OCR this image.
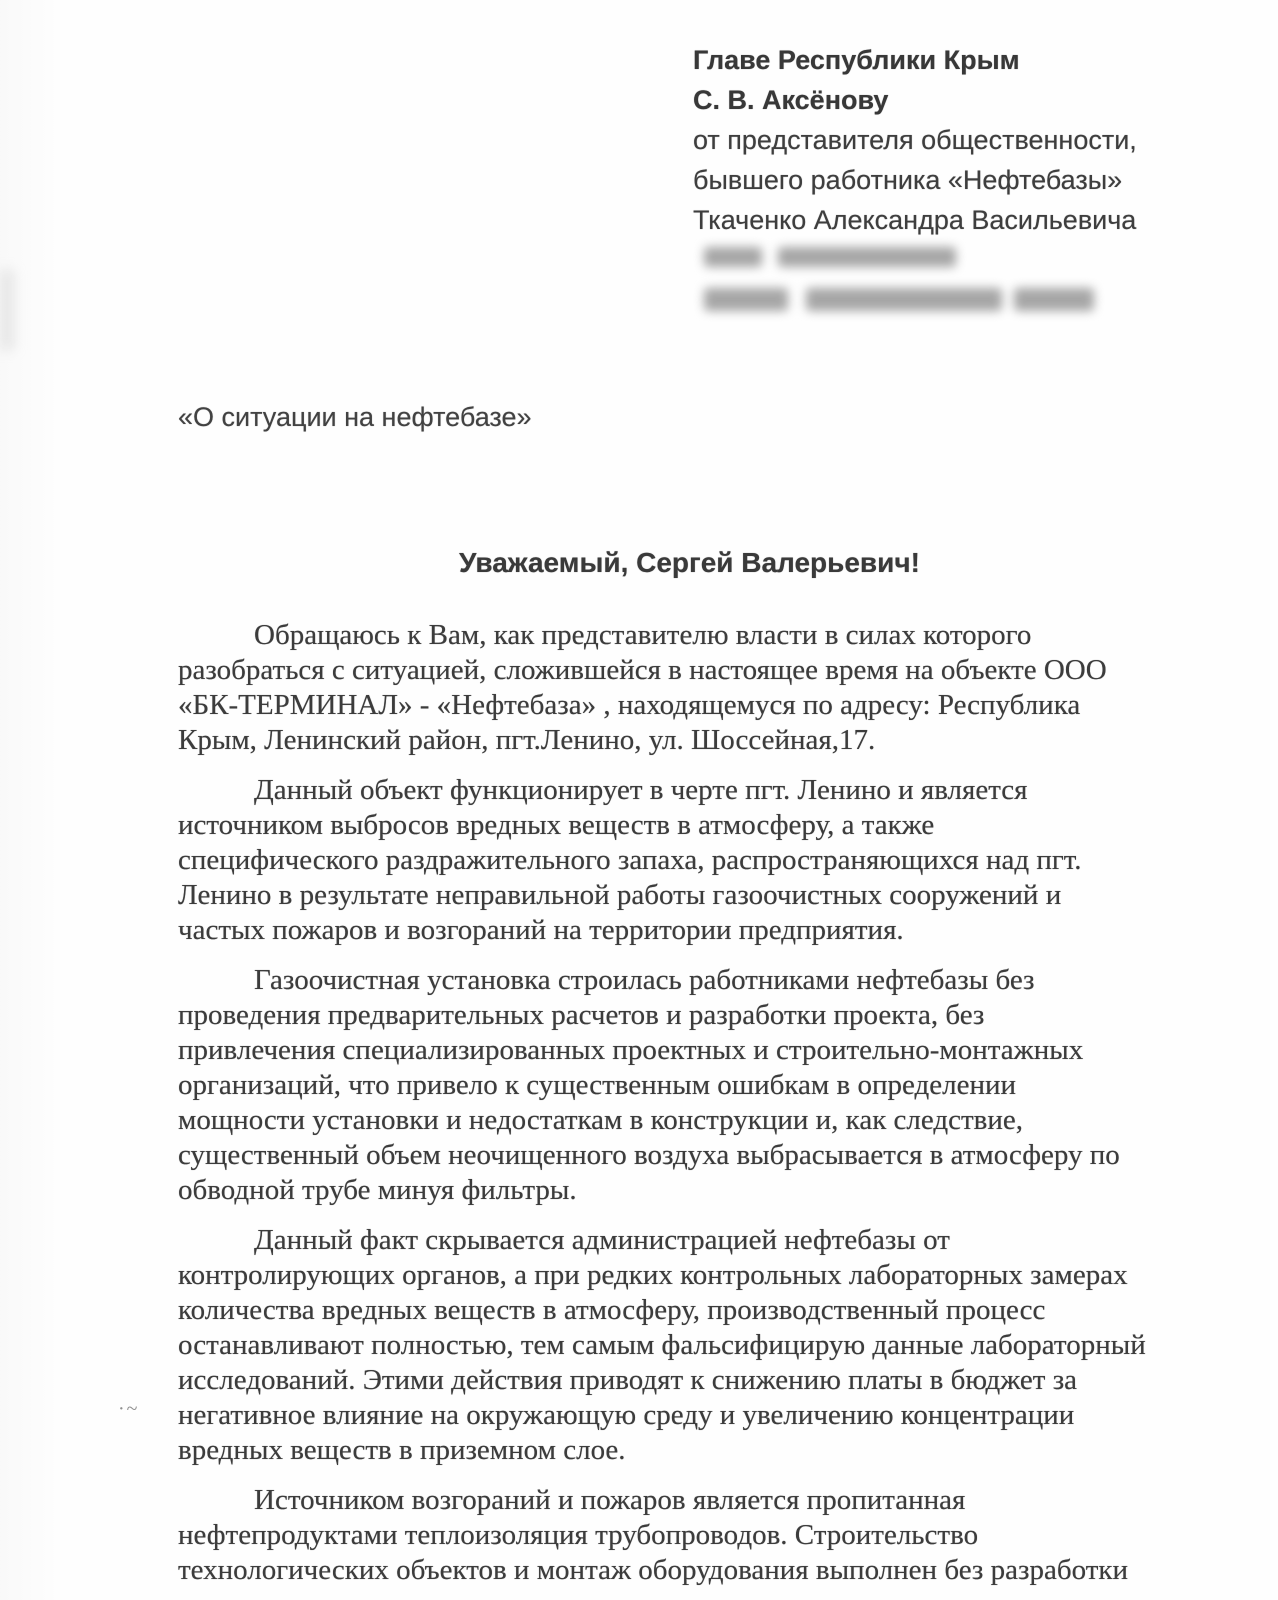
Главе Республики Крым
С. В. Аксёнову
от представителя общественности,
бывшего работника «Нефтебазы»
Ткаченко Александра Васильевича
«О ситуации на нефтебазе»
Уважаемый, Сергей Валерьевич!
Обращаюсь к Вам, как представителю власти в силах которого
разобраться с ситуацией, сложившейся в настоящее время на объекте ООО
«БК-ТЕРМИНАЛ» - «Нефтебаза» , находящемуся по адресу: Республика
Крым, Ленинский район, пгт.Ленино, ул. Шоссейная,17.
Данный объект функционирует в черте пгт. Ленино и является
источником выбросов вредных веществ в атмосферу, а также
специфического раздражительного запаха, распространяющихся над пгт.
Ленино в результате неправильной работы газоочистных сооружений и
частых пожаров и возгораний на территории предприятия.
Газоочистная установка строилась работниками нефтебазы без
проведения предварительных расчетов и разработки проекта, без
привлечения специализированных проектных и строительно-монтажных
организаций, что привело к существенным ошибкам в определении
мощности установки и недостаткам в конструкции и, как следствие,
существенный объем неочищенного воздуха выбрасывается в атмосферу по
обводной трубе минуя фильтры.
Данный факт скрывается администрацией нефтебазы от
контролирующих органов, а при редких контрольных лабораторных замерах
количества вредных веществ в атмосферу, производственный процесс
останавливают полностью, тем самым фальсифицирую данные лабораторный
исследований. Этими действия приводят к снижению платы в бюджет за
негативное влияние на окружающую среду и увеличению концентрации
вредных веществ в приземном слое.
Источником возгораний и пожаров является пропитанная
нефтепродуктами теплоизоляция трубопроводов. Строительство
технологических объектов и монтаж оборудования выполнен без разработки
·~
